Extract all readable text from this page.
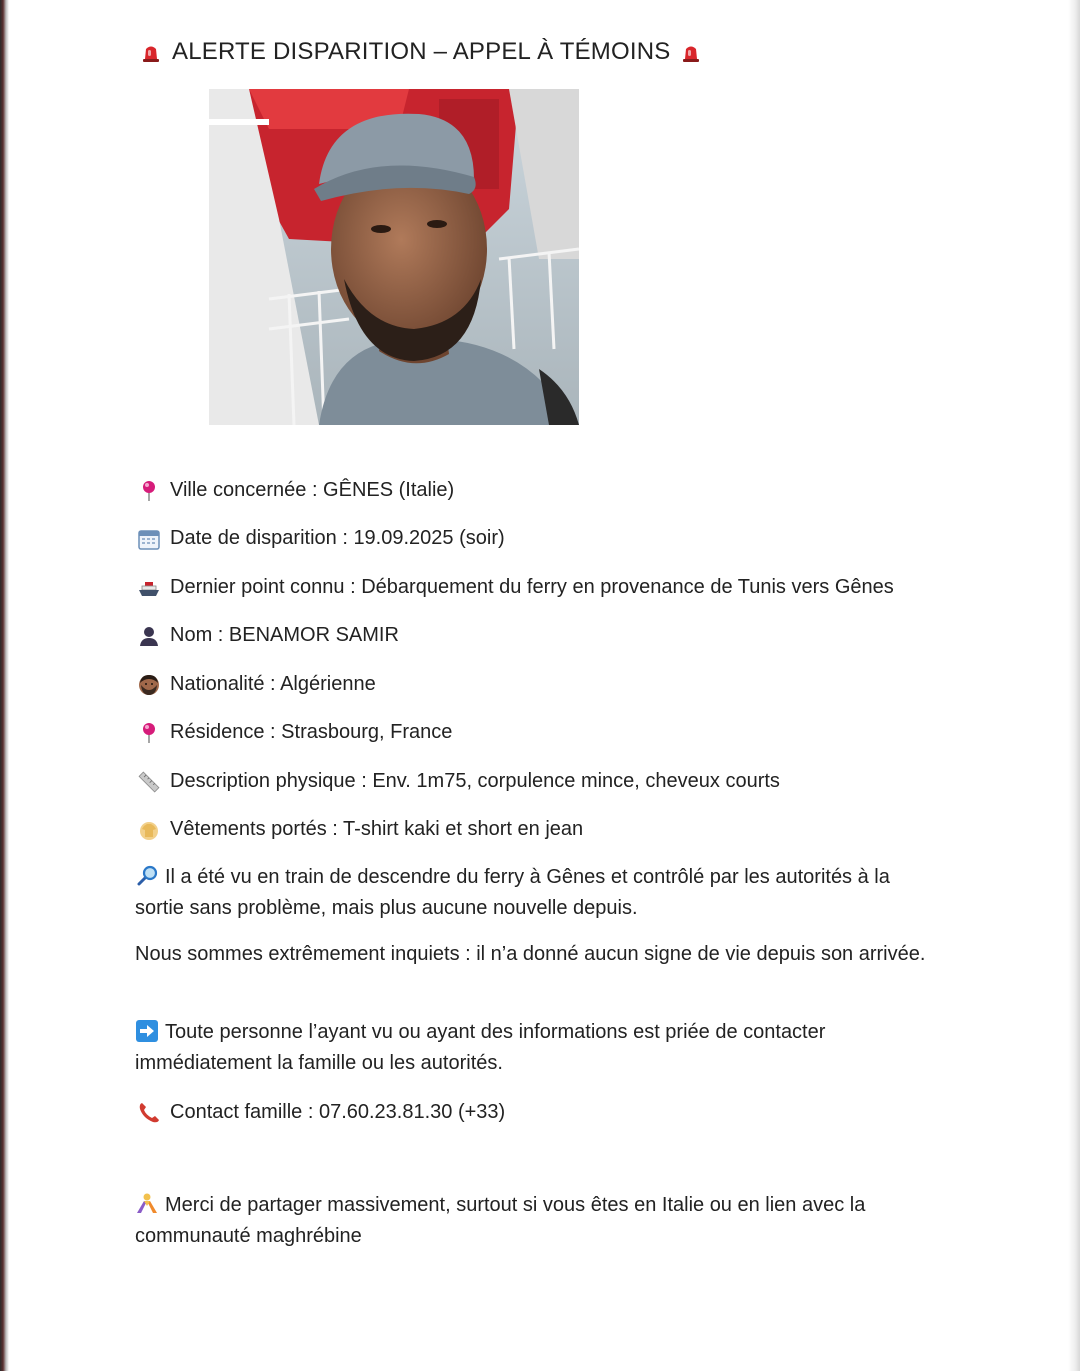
ALERTE DISPARITION – APPEL À TÉMOINS
Ville concernée : GÊNES (Italie)
Date de disparition : 19.09.2025 (soir)
Dernier point connu : Débarquement du ferry en provenance de Tunis vers Gênes
Nom : BENAMOR SAMIR
Nationalité : Algérienne
Résidence : Strasbourg, France
Description physique : Env. 1m75, corpulence mince, cheveux courts
Vêtements portés : T-shirt kaki et short en jean
Il a été vu en train de descendre du ferry à Gênes et contrôlé par les autorités à la sortie sans problème, mais plus aucune nouvelle depuis.
Nous sommes extrêmement inquiets : il n’a donné aucun signe de vie depuis son arrivée.
Toute personne l’ayant vu ou ayant des informations est priée de contacter immédiatement la famille ou les autorités.
Contact famille : 07.60.23.81.30 (+33)
Merci de partager massivement, surtout si vous êtes en Italie ou en lien avec la communauté maghrébine
